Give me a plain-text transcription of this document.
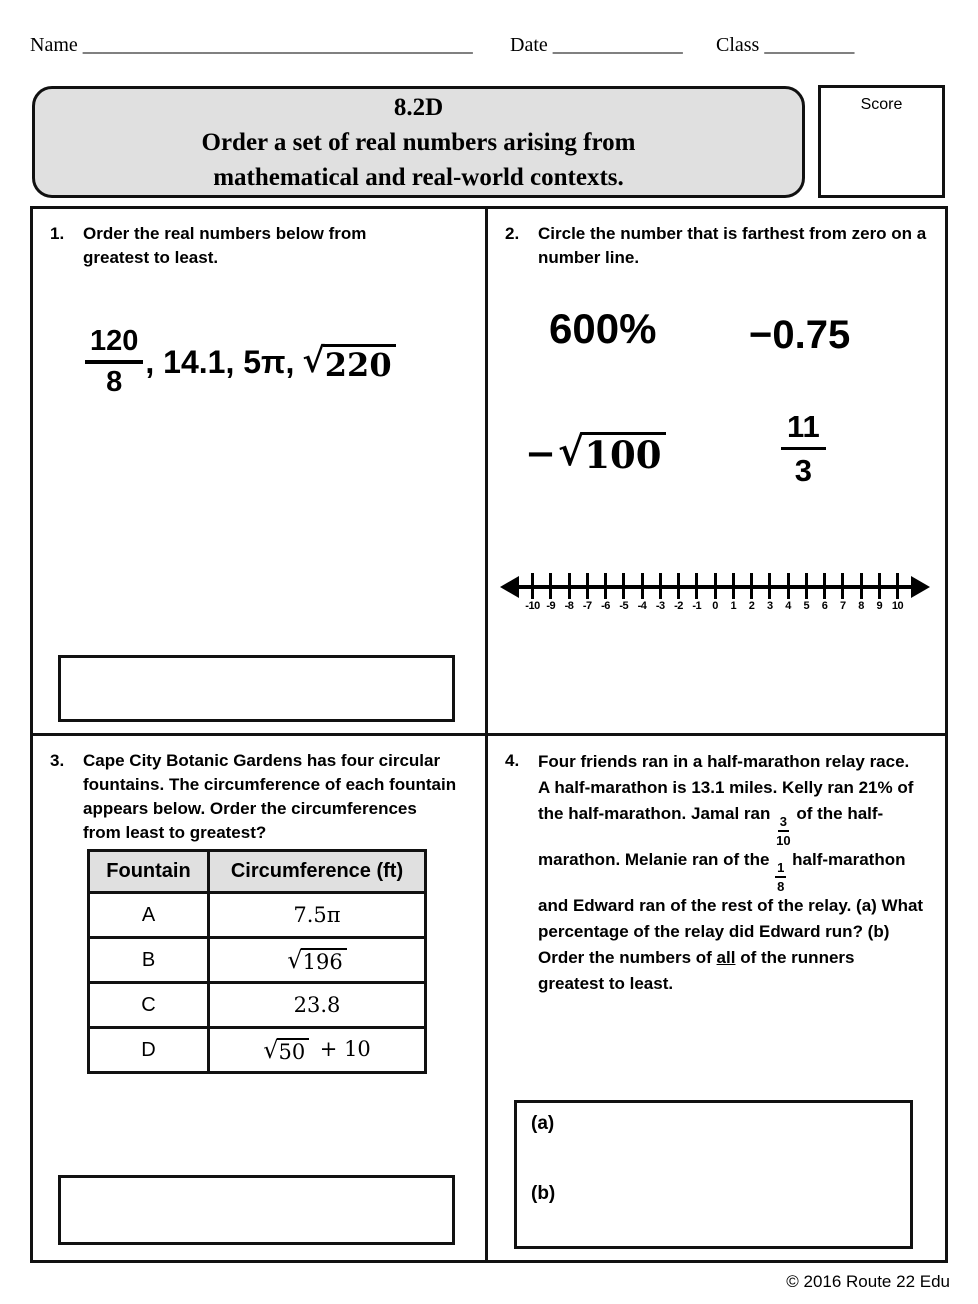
Name _______________________________________ Date _____________ Class _________
8.2D
Order a set of real numbers arising from
mathematical and real-world contexts.
Score
1.	Order the real numbers below from greatest to least.
$\frac{120}{8}$ , 14.1, 5π, √ 220
2.	Circle the number that is farthest from zero on a number line.
600% −0.75
− √ 100	$\frac{11}{3}$
-10 -9 -8 -7 -6 -5 -4 -3 -2 -1 0 1 2 3 4 5 6 7 8 9 10
3.	Cape City Botanic Gardens has four circular fountains. The circumference of each fountain appears below. Order the circumferences from least to greatest?
Fountain	Circumference (ft)
A	7.5π
B	√ 196

C	23.8
D	√ 50 + 10
4.	Four friends ran in a half-marathon relay race. A half-marathon is 13.1 miles. Kelly ran 21% of the half-marathon. Jamal ran
$\frac{3}{10}$
of the half-marathon. Melanie ran of the
$\frac{1}{8}$
half-marathon and Edward ran of the rest of the relay. (a) What percentage of the relay did Edward run? (b) Order the numbers of all of the runners greatest to least.
(a)
(b)
© 2016 Route 22 Edu
